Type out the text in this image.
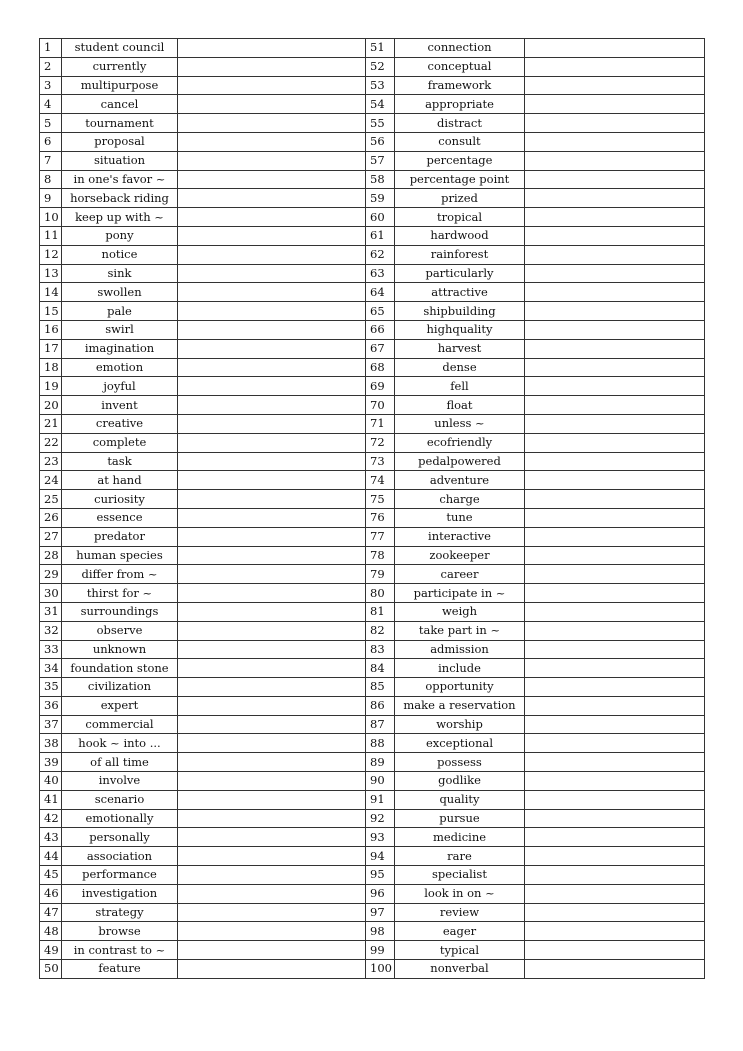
1	student council		51	connection	
2	currently		52	conceptual	
3	multipurpose		53	framework	
4	cancel		54	appropriate	
5	tournament		55	distract	
6	proposal		56	consult	
7	situation		57	percentage	
8	in one's favor ~		58	percentage point	
9	horseback riding		59	prized	
10	keep up with ~		60	tropical	
11	pony		61	hardwood	
12	notice		62	rainforest	
13	sink		63	particularly	
14	swollen		64	attractive	
15	pale		65	shipbuilding	
16	swirl		66	highquality	
17	imagination		67	harvest	
18	emotion		68	dense	
19	joyful		69	fell	
20	invent		70	float	
21	creative		71	unless ~	
22	complete		72	ecofriendly	
23	task		73	pedalpowered	
24	at hand		74	adventure	
25	curiosity		75	charge	
26	essence		76	tune	
27	predator		77	interactive	
28	human species		78	zookeeper	
29	differ from ~		79	career	
30	thirst for ~		80	participate in ~	
31	surroundings		81	weigh	
32	observe		82	take part in ~	
33	unknown		83	admission	
34	foundation stone		84	include	
35	civilization		85	opportunity	
36	expert		86	make a reservation	
37	commercial		87	worship	
38	hook ~ into ...		88	exceptional	
39	of all time		89	possess	
40	involve		90	godlike	
41	scenario		91	quality	
42	emotionally		92	pursue	
43	personally		93	medicine	
44	association		94	rare	
45	performance		95	specialist	
46	investigation		96	look in on ~	
47	strategy		97	review	
48	browse		98	eager	
49	in contrast to ~		99	typical	
50	feature		100	nonverbal	
